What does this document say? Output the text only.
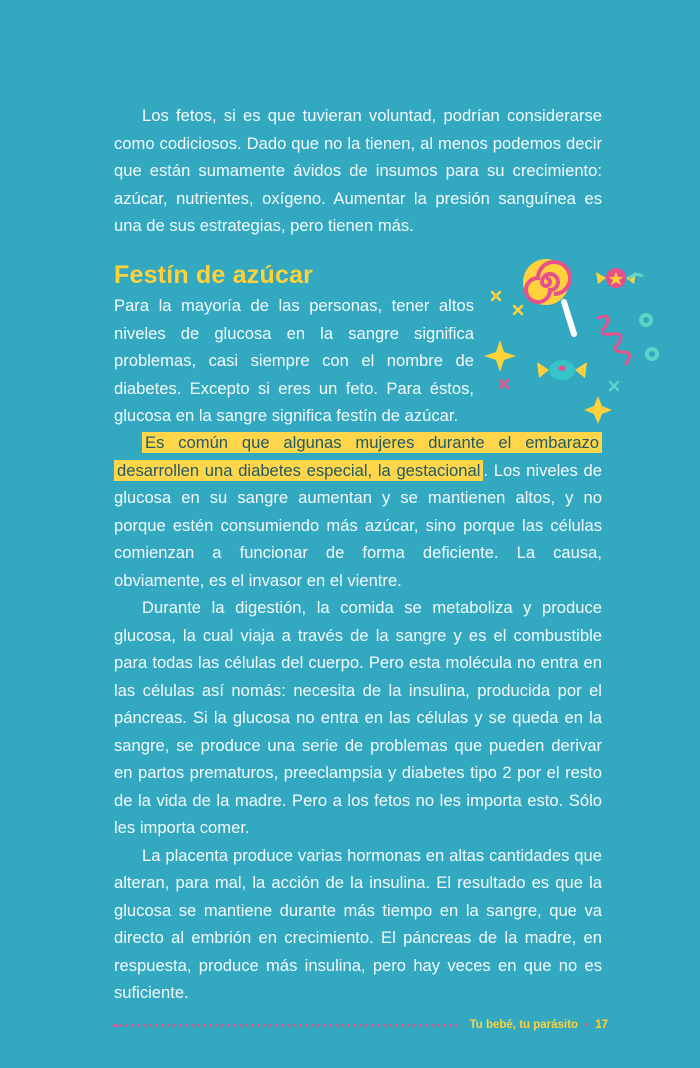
Los fetos, si es que tuvieran voluntad, podrían considerarse como codiciosos. Dado que no la tienen, al menos podemos decir que están sumamente ávidos de insumos para su crecimiento: azúcar, nutrientes, oxígeno. Aumentar la presión sanguínea es una de sus estrategias, pero tienen más.

Festín de azúcar
Para la mayoría de las personas, tener altos niveles de glucosa en la sangre significa problemas, casi siempre con el nombre de diabetes. Excepto si eres un feto. Para éstos, glucosa en la sangre significa festín de azúcar.

Es común que algunas mujeres durante el embarazo desarrollen una diabetes especial, la gestacional . Los niveles de glucosa en su sangre aumentan y se mantienen altos, y no porque estén consumiendo más azúcar, sino porque las células comienzan a funcionar de forma deficiente. La causa, obviamente, es el invasor en el vientre.

Durante la digestión, la comida se metaboliza y produce glucosa, la cual viaja a través de la sangre y es el combustible para todas las células del cuerpo. Pero esta molécula no entra en las células así nomás: necesita de la insulina, producida por el páncreas. Si la glucosa no entra en las células y se queda en la sangre, se produce una serie de problemas que pueden derivar en partos prematuros, preeclampsia y diabetes tipo 2 por el resto de la vida de la madre. Pero a los fetos no les importa esto. Sólo les importa comer.

La placenta produce varias hormonas en altas cantidades que alteran, para mal, la acción de la insulina. El resultado es que la glucosa se mantiene durante más tiempo en la sangre, que va directo al embrión en crecimiento. El páncreas de la madre, en respuesta, produce más insulina, pero hay veces en que no es suficiente.

Tu bebé, tu parásito • 17
